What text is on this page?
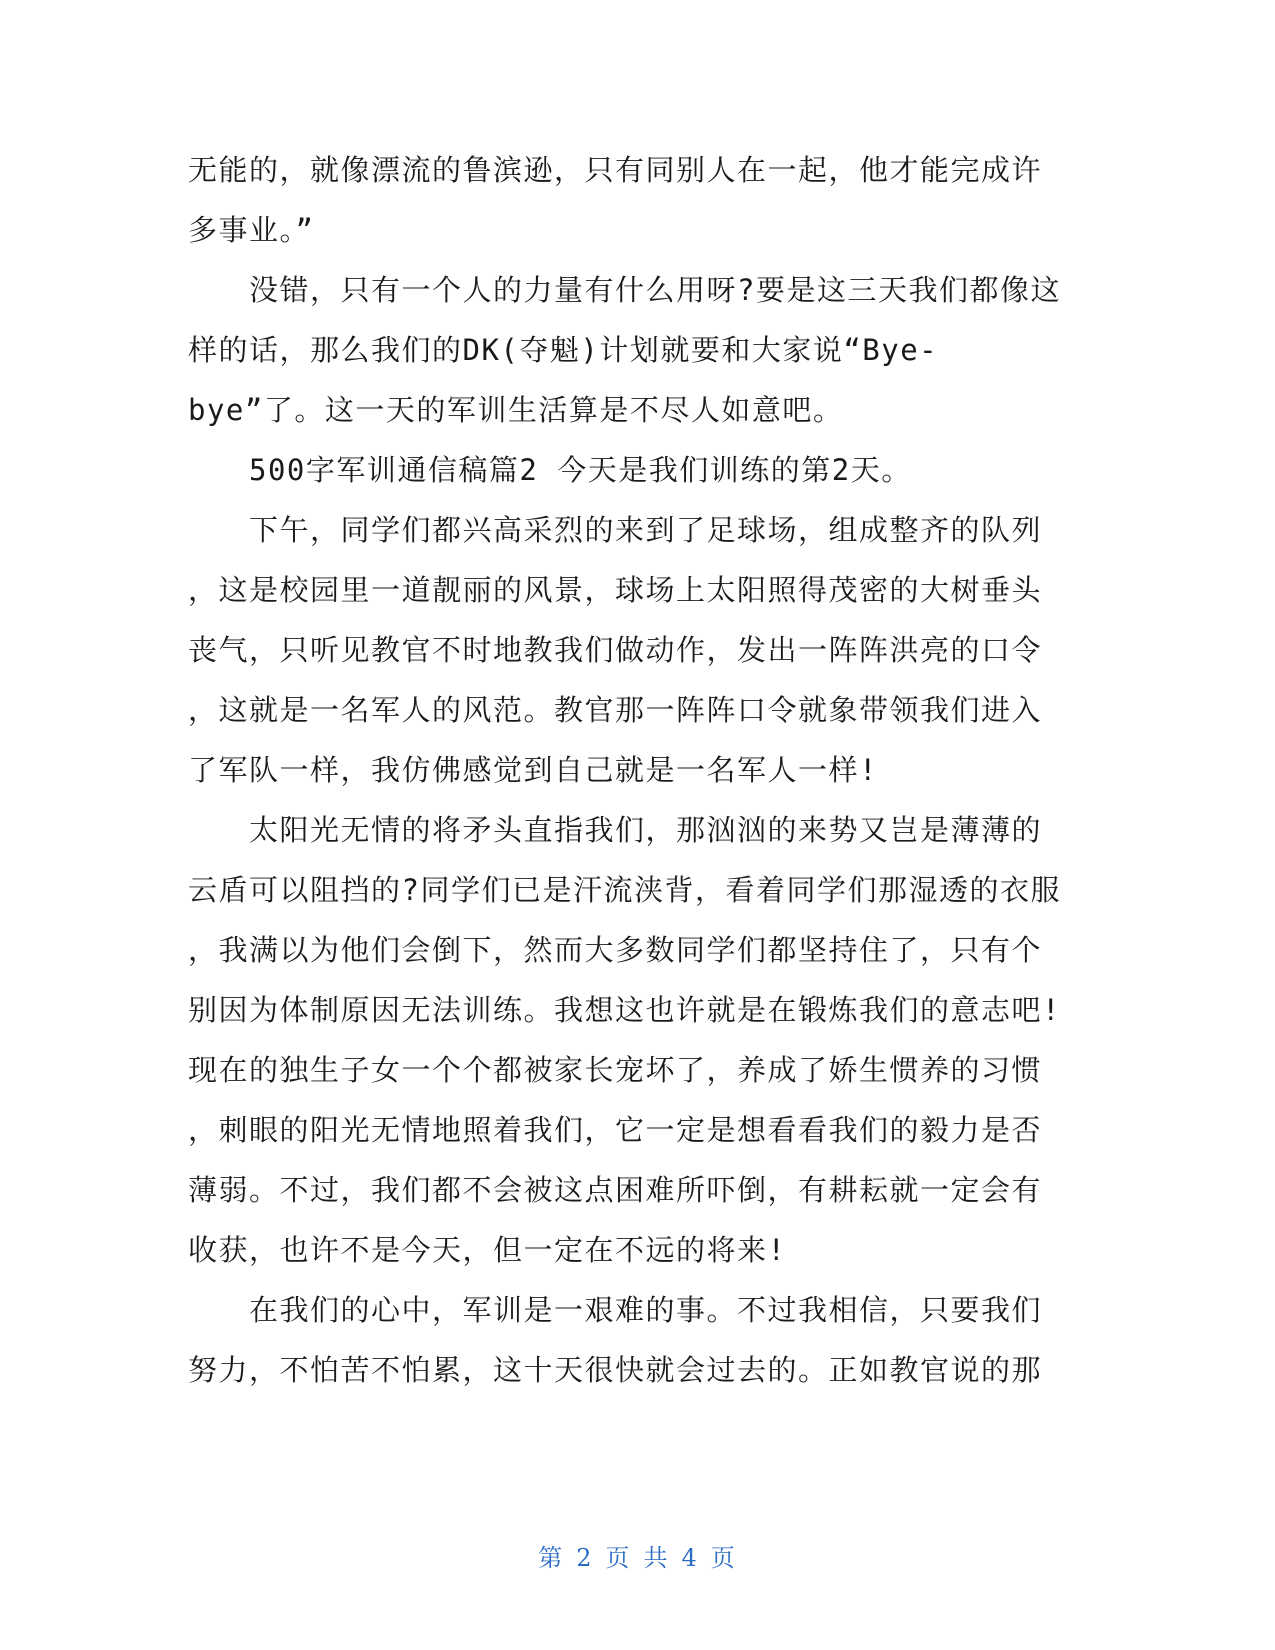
无能的，就像漂流的鲁滨逊，只有同别人在一起，他才能完成许
多事业。”
没错，只有一个人的力量有什么用呀?要是这三天我们都像这
样的话，那么我们的DK(夺魁)计划就要和大家说“Bye-
bye”了。这一天的军训生活算是不尽人如意吧。
500字军训通信稿篇2 今天是我们训练的第2天。
下午，同学们都兴高采烈的来到了足球场，组成整齐的队列
，这是校园里一道靓丽的风景，球场上太阳照得茂密的大树垂头
丧气，只听见教官不时地教我们做动作，发出一阵阵洪亮的口令
，这就是一名军人的风范。教官那一阵阵口令就象带领我们进入
了军队一样，我仿佛感觉到自己就是一名军人一样!
太阳光无情的将矛头直指我们，那汹汹的来势又岂是薄薄的
云盾可以阻挡的?同学们已是汗流浃背，看着同学们那湿透的衣服
，我满以为他们会倒下，然而大多数同学们都坚持住了，只有个
别因为体制原因无法训练。我想这也许就是在锻炼我们的意志吧!
现在的独生子女一个个都被家长宠坏了，养成了娇生惯养的习惯
，刺眼的阳光无情地照着我们，它一定是想看看我们的毅力是否
薄弱。不过，我们都不会被这点困难所吓倒，有耕耘就一定会有
收获，也许不是今天，但一定在不远的将来!
在我们的心中，军训是一艰难的事。不过我相信，只要我们
努力，不怕苦不怕累，这十天很快就会过去的。正如教官说的那
第 2 页 共 4 页
